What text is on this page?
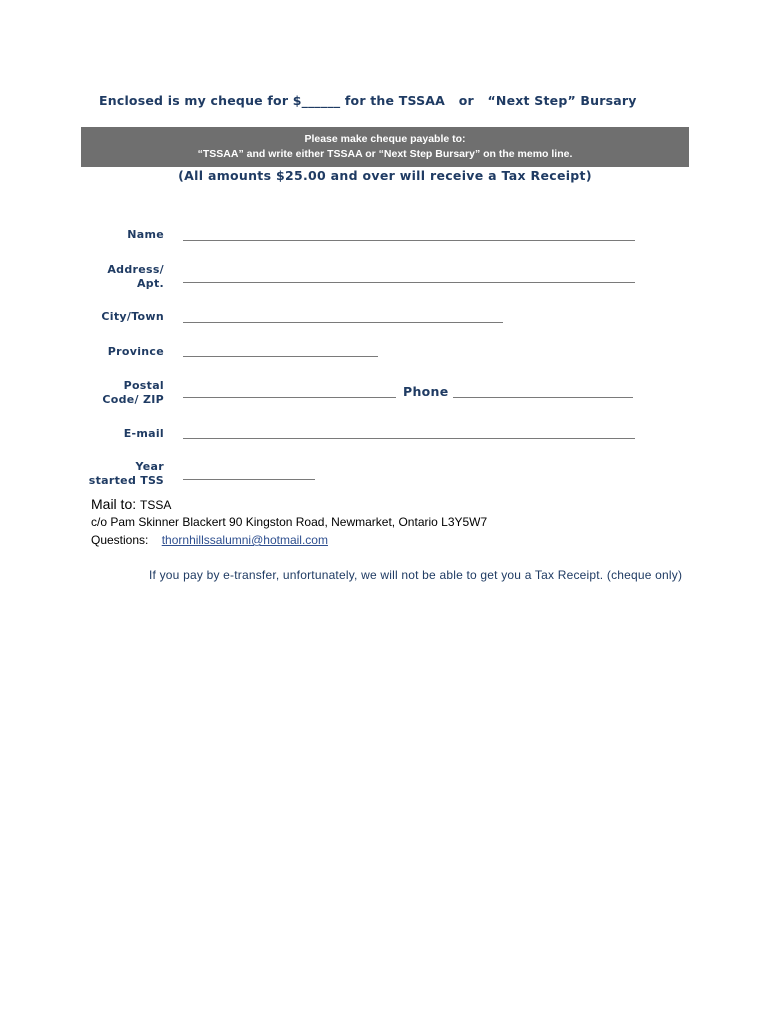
Enclosed is my cheque for $______ for the TSSAA   or   “Next Step” Bursary
Please make cheque payable to:
“TSSAA” and write either TSSAA or “Next Step Bursary” on the memo line.
(All amounts $25.00 and over will receive a Tax Receipt)
Name
Address/
Apt.
City/Town
Province
Postal
Code/ ZIP
Phone
E-mail
Year
started TSS
Mail to: TSSA
c/o Pam Skinner Blackert 90 Kingston Road, Newmarket, Ontario L3Y5W7
Questions: thornhillssalumni@hotmail.com
If you pay by e-transfer, unfortunately, we will not be able to get you a Tax Receipt. (cheque only)
